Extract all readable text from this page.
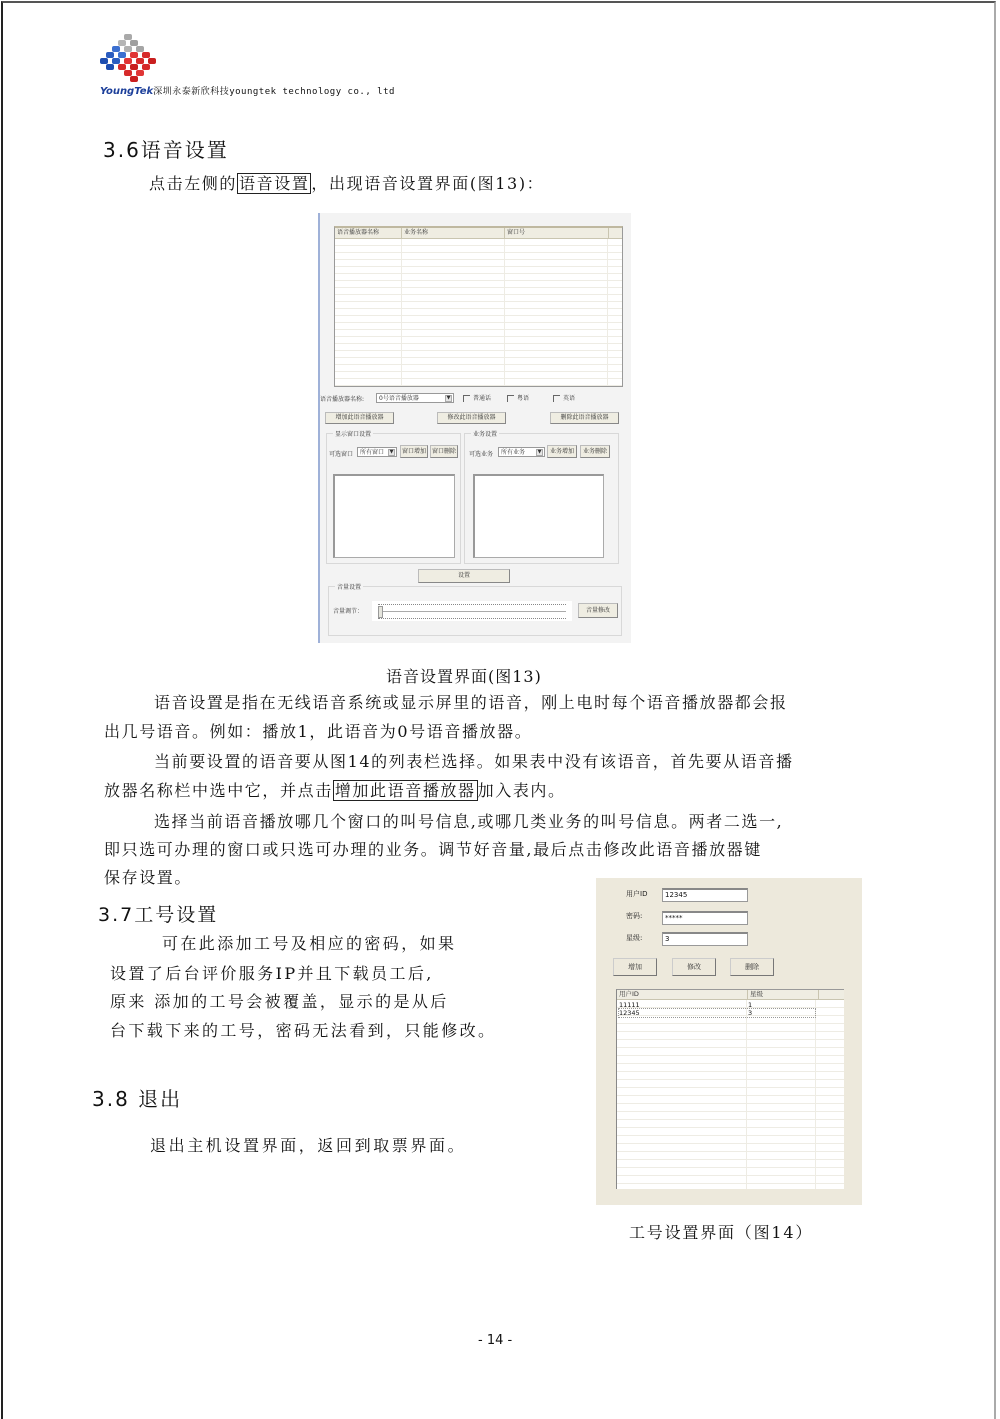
YoungTek深圳永泰新欣科技youngtek technology co., ltd
3.6语音设置
点击左侧的 语音设置 ，出现语音设置界面(图13)：
语音播放器名称	业务名称	窗口号
语音播放器名称:	0号语音播放器	▼	普通话	粤语	英语
增加此语音播放器	修改此语音播放器	删除此语音播放器
显示窗口设置
可选窗口	所有窗口	▼	窗口增加 窗口删除
业务设置
可选业务	所有业务	▼	业务增加	业务删除
设置
音量设置
音量调节：	音量修改
语音设置界面(图13)
语音设置是指在无线语音系统或显示屏里的语音，刚上电时每个语音播放器都会报
出几号语音。例如：播放1，此语音为0号语音播放器。
当前要设置的语音要从图14的列表栏选择。如果表中没有该语音，首先要从语音播
放器名称栏中选中它，并点击 增加此语音播放器 加入表内。
选择当前语音播放哪几个窗口的叫号信息,或哪几类业务的叫号信息。两者二选一,
即只选可办理的窗口或只选可办理的业务。调节好音量,最后点击修改此语音播放器键
保存设置。
3.7工号设置
可在此添加工号及相应的密码，如果
设置了后台评价服务IP并且下载员工后,
原来 添加的工号会被覆盖，显示的是从后
台下载下来的工号，密码无法看到，只能修改。
用户ID	12345
密码:	*****
星级:	3
增加	修改	删除
用户ID	星级
11111	1
12345	3
工号设置界面（图14）
3.8 退出
退出主机设置界面，返回到取票界面。
- 14 -
